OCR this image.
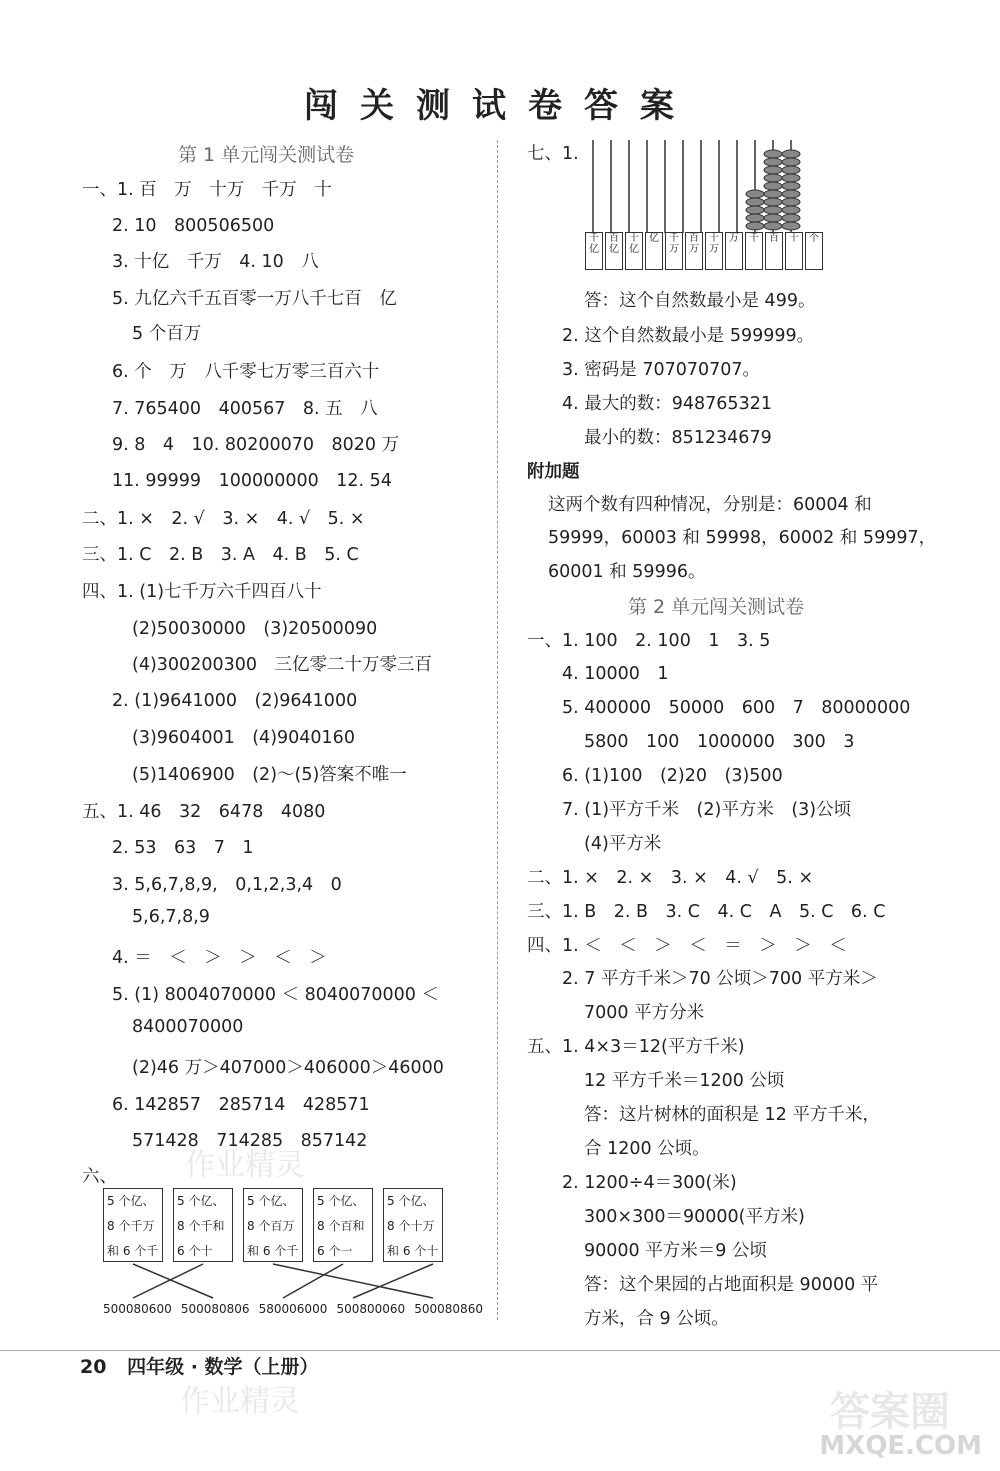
闯关测试卷答案
第 1 单元闯关测试卷
一、1. 百　万　十万　千万　十
2. 10　800506500
3. 十亿　千万　4. 10　八
5. 九亿六千五百零一万八千七百　亿
5 个百万
6. 个　万　八千零七万零三百六十
7. 765400　400567　8. 五　八
9. 8　4　10. 80200070　8020 万
11. 99999　100000000　12. 54
二、1. ×　2. √　3. ×　4. √　5. ×
三、1. C　2. B　3. A　4. B　5. C
四、1. (1)七千万六千四百八十
(2)50030000　(3)20500090
(4)300200300　三亿零二十万零三百
2. (1)9641000　(2)9641000
(3)9604001　(4)9040160
(5)1406900　(2)～(5)答案不唯一
五、1. 46　32　6478　4080
2. 53　63　7　1
3. 5,6,7,8,9,　0,1,2,3,4　0
5,6,7,8,9
4. ＝　＜　＞　＞　＜　＞
5. (1) 8004070000 ＜ 8040070000 ＜
8400070000
(2)46 万＞407000＞406000＞46000
6. 142857　285714　428571
571428　714285　857142
六、
5 个亿、
8 个千万
和 6 个千
5 个亿、
8 个千和
6 个十
5 个亿、
8 个百万
和 6 个千
5 个亿、
8 个百和
6 个一
5 个亿、
8 个十万
和 6 个十
500080600 500080806 580006000 500800060 500080860
七、1.
千亿
百亿
十亿
亿	千万
百万
十万
万	千	百	十	个
答：这个自然数最小是 499。
2. 这个自然数最小是 599999。
3. 密码是 707070707。
4. 最大的数：948765321
最小的数：851234679
附加题
这两个数有四种情况，分别是：60004 和
59999，60003 和 59998，60002 和 59997，
60001 和 59996。
第 2 单元闯关测试卷
一、1. 100　2. 100　1　3. 5
4. 10000　1
5. 400000　50000　600　7　80000000
5800　100　1000000　300　3
6. (1)100　(2)20　(3)500
7. (1)平方千米　(2)平方米　(3)公顷
(4)平方米
二、1. ×　2. ×　3. ×　4. √　5. ×
三、1. B　2. B　3. C　4. C　A　5. C　6. C
四、1. ＜　＜　＞　＜　＝　＞　＞　＜
2. 7 平方千米＞70 公顷＞700 平方米＞
7000 平方分米
五、1. 4×3＝12(平方千米)
12 平方千米＝1200 公顷
答：这片树林的面积是 12 平方千米，
合 1200 公顷。
2. 1200÷4＝300(米)
300×300＝90000(平方米)
90000 平方米＝9 公顷
答：这个果园的占地面积是 90000 平
方米，合 9 公顷。
20 四年级 · 数学（上册）
作业精灵
作业精灵	答案圈
MXQE.COM
